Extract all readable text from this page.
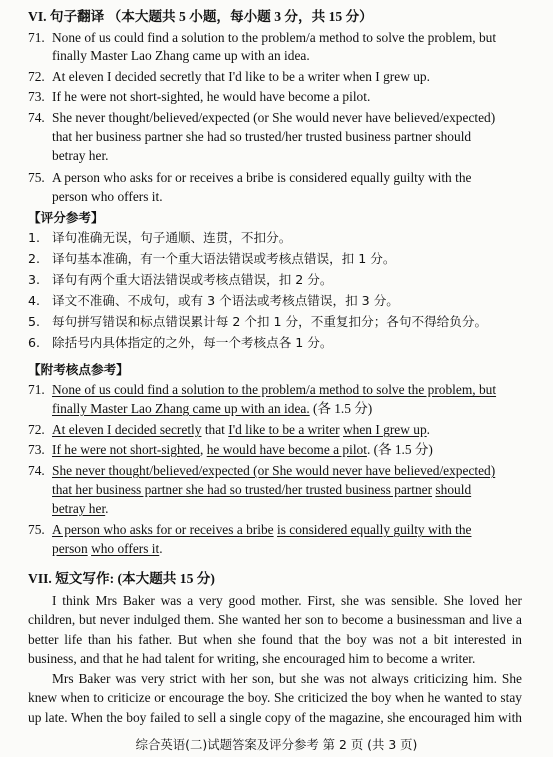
VI. 句子翻译 （本大题共 5 小题，每小题 3 分，共 15 分）
71. None of us could find a solution to the problem/a method to solve the problem, but
finally Master Lao Zhang came up with an idea.
72. At eleven I decided secretly that I'd like to be a writer when I grew up.
73. If he were not short-sighted, he would have become a pilot.
74. She never thought/believed/expected (or She would never have believed/expected)
that her business partner she had so trusted/her trusted business partner should
betray her.
75. A person who asks for or receives a bribe is considered equally guilty with the
person who offers it.
【评分参考】
1. 译句准确无误，句子通顺、连贯，不扣分。
2. 译句基本准确，有一个重大语法错误或考核点错误，扣 1 分。
3. 译句有两个重大语法错误或考核点错误，扣 2 分。
4. 译文不准确、不成句，或有 3 个语法或考核点错误，扣 3 分。
5. 每句拼写错误和标点错误累计每 2 个扣 1 分，不重复扣分；各句不得给负分。
6. 除括号内具体指定的之外，每一个考核点各 1 分。
【附考核点参考】
71. None of us could find a solution to the problem/a method to solve the problem, but
finally Master Lao Zhang came up with an idea. (各 1.5 分)
72. At eleven I decided secretly that I'd like to be a writer when I grew up.
73. If he were not short-sighted, he would have become a pilot. (各 1.5 分)
74. She never thought/believed/expected (or She would never have believed/expected)
that her business partner she had so trusted/her trusted business partner should
betray her.
75. A person who asks for or receives a bribe is considered equally guilty with the
person who offers it.
VII. 短文写作: (本大题共 15 分)
I think Mrs Baker was a very good mother. First, she was sensible. She loved her children, but never indulged them. She wanted her son to become a businessman and live a better life than his father. But when she found that the boy was not a bit interested in business, and that he had talent for writing, she encouraged him to become a writer.
Mrs Baker was very strict with her son, but she was not always criticizing him. She knew when to criticize or encourage the boy. She criticized the boy when he wanted to stay up late. When the boy failed to sell a single copy of the magazine, she encouraged him with
综合英语(二)试题答案及评分参考 第 2 页 (共 3 页)
